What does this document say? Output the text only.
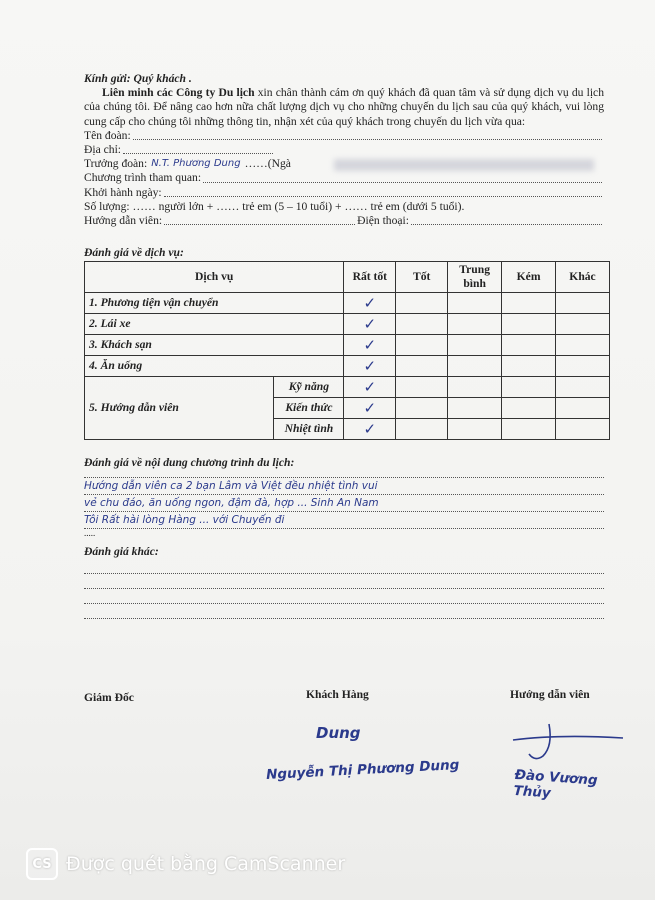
Kính gửi: Quý khách .
Liên minh các Công ty Du lịch xin chân thành cám ơn quý khách đã quan tâm và sử dụng dịch vụ du lịch của chúng tôi. Để nâng cao hơn nữa chất lượng dịch vụ cho những chuyến du lịch sau của quý khách, vui lòng cung cấp cho chúng tôi những thông tin, nhận xét của quý khách trong chuyến du lịch vừa qua:
Tên đoàn:
Địa chỉ:
Trưởng đoàn: N.T. Phương Dung …… (Ngà
Chương trình tham quan:
Khởi hành ngày:
Số lượng: …… người lớn + …… trẻ em (5 – 10 tuổi) + …… trẻ em (dưới 5 tuổi).
Hướng dẫn viên:	Điện thoại:
Đánh giá về dịch vụ:
Dịch vụ		Rất tốt	Tốt	Trung bình	Kém	Khác
1. Phương tiện vận chuyển		✓				
2. Lái xe		✓				
3. Khách sạn		✓				
4. Ăn uống		✓				
5. Hướng dẫn viên	Kỹ năng	✓				
	Kiến thức	✓				
	Nhiệt tình	✓				
Đánh giá về nội dung chương trình du lịch:
Hướng dẫn viên ca 2 bạn Lâm và Việt đều nhiệt tình vui
vẻ chu đáo, ăn uống ngon, đậm đà, hợp ... Sinh An Nam
Tôi Rất hài lòng Hàng ... với Chuyến đi
.....
Đánh giá khác:
Giám Đốc	Khách Hàng	Hướng dẫn viên
Dung
Nguyễn Thị Phương Dung	Đào Vương Thủy
CS Được quét bằng CamScanner
